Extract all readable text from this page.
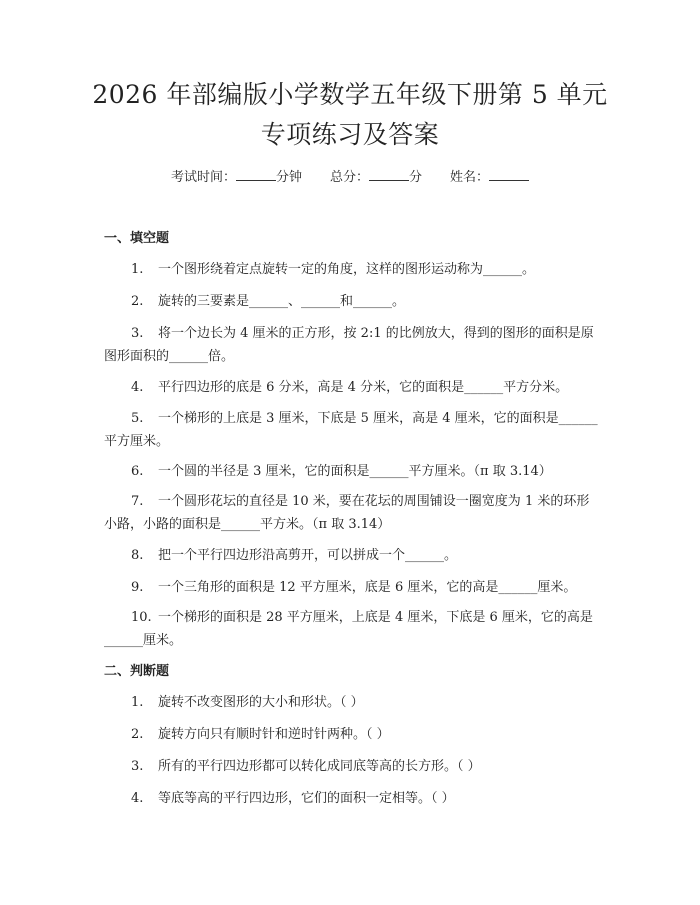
2026 年部编版小学数学五年级下册第 5 单元
专项练习及答案
考试时间：	分钟 总分：	分 姓名：
一、填空题

1. 一个图形绕着定点旋转一定的角度，这样的图形运动称为______。

2. 旋转的三要素是______、______和______。

3. 将一个边长为 4 厘米的正方形，按 2:1 的比例放大，得到的图形的面积是原图形面积的______倍。

4. 平行四边形的底是 6 分米，高是 4 分米，它的面积是______平方分米。

5. 一个梯形的上底是 3 厘米，下底是 5 厘米，高是 4 厘米，它的面积是______平方厘米。

6. 一个圆的半径是 3 厘米，它的面积是______平方厘米。（π 取 3.14）

7. 一个圆形花坛的直径是 10 米，要在花坛的周围铺设一圈宽度为 1 米的环形小路，小路的面积是______平方米。（π 取 3.14）

8. 把一个平行四边形沿高剪开，可以拼成一个______。

9. 一个三角形的面积是 12 平方厘米，底是 6 厘米，它的高是______厘米。

10. 一个梯形的面积是 28 平方厘米，上底是 4 厘米，下底是 6 厘米，它的高是______厘米。

二、判断题

1. 旋转不改变图形的大小和形状。（ ）

2. 旋转方向只有顺时针和逆时针两种。（ ）

3. 所有的平行四边形都可以转化成同底等高的长方形。（ ）

4. 等底等高的平行四边形，它们的面积一定相等。（ ）
